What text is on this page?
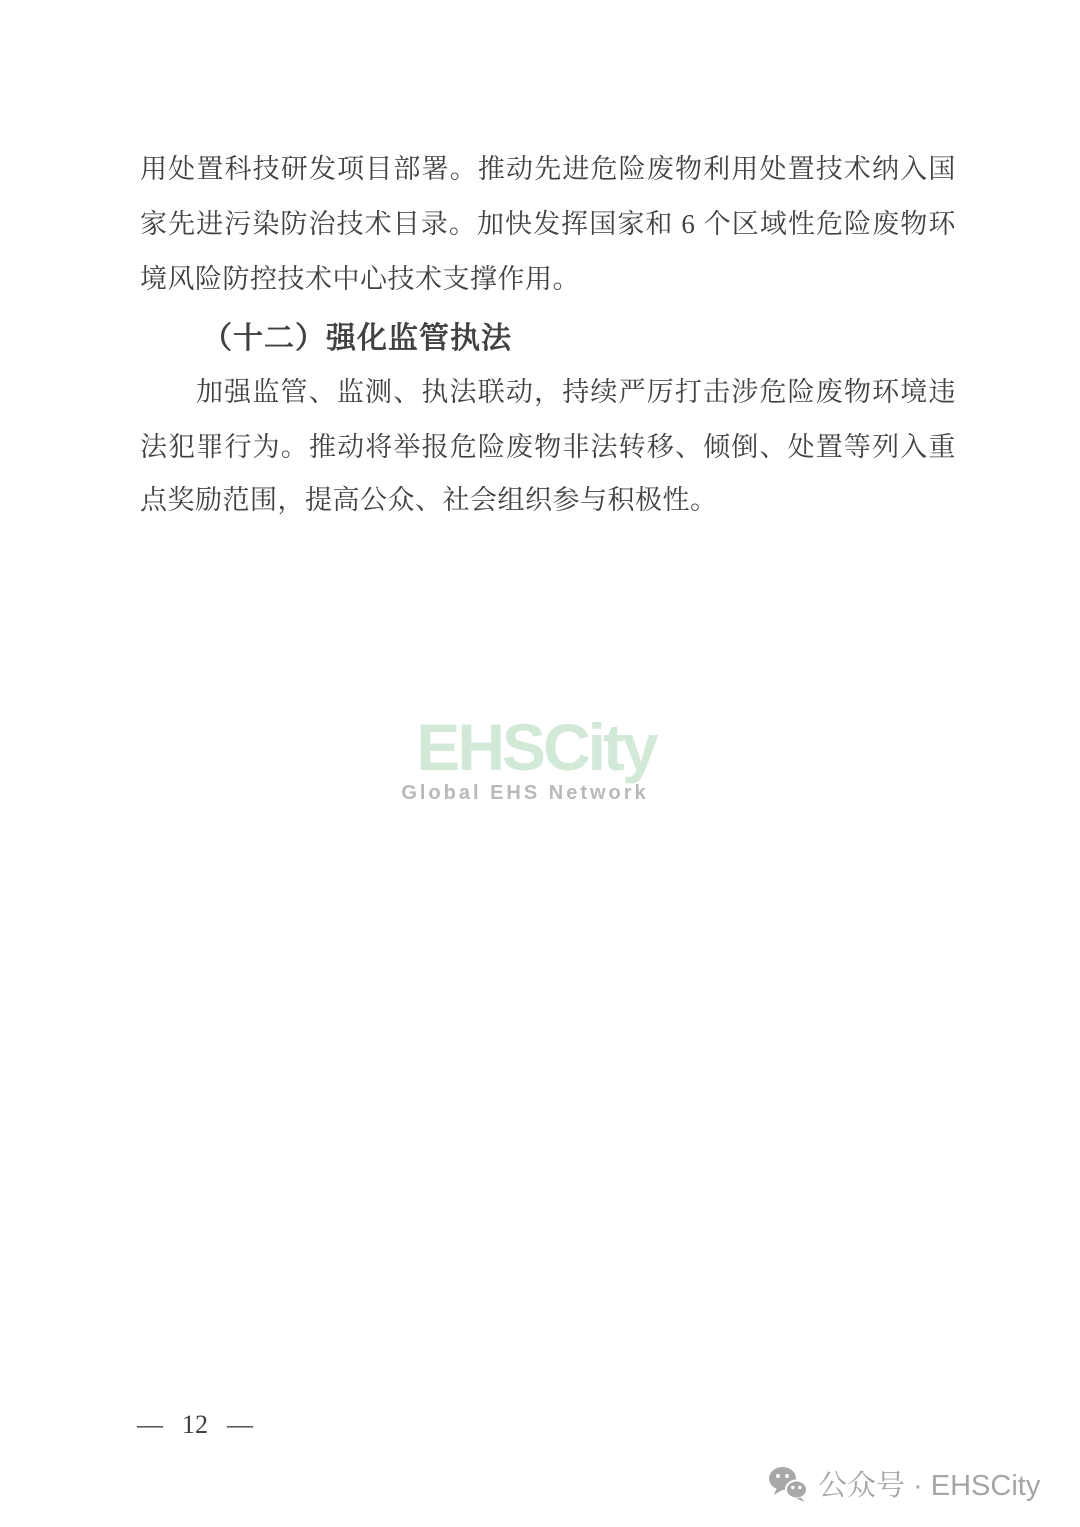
用 处 置 科 技 研 发 项 目 部 署 。 推 动 先 进 危 险 废 物 利 用 处 置 技 术 纳 入 国

家 先 进 污 染 防 治 技 术 目 录 。 加 快 发 挥 国 家 和
6
个 区 域 性 危 险 废 物 环

境风险防控技术中心技术支撑作用。

（十二）强化监管执法

加 强 监 管 、 监 测 、 执 法 联 动 ， 持 续 严 厉 打 击 涉 危 险 废 物 环 境 违

法 犯 罪 行 为 。 推 动 将 举 报 危 险 废 物 非 法 转 移 、 倾 倒 、 处 置 等 列 入 重

点奖励范围，提高公众、社会组织参与积极性。

EHSCity
Global EHS Network
— 12 —
公众号 · EHSCity
